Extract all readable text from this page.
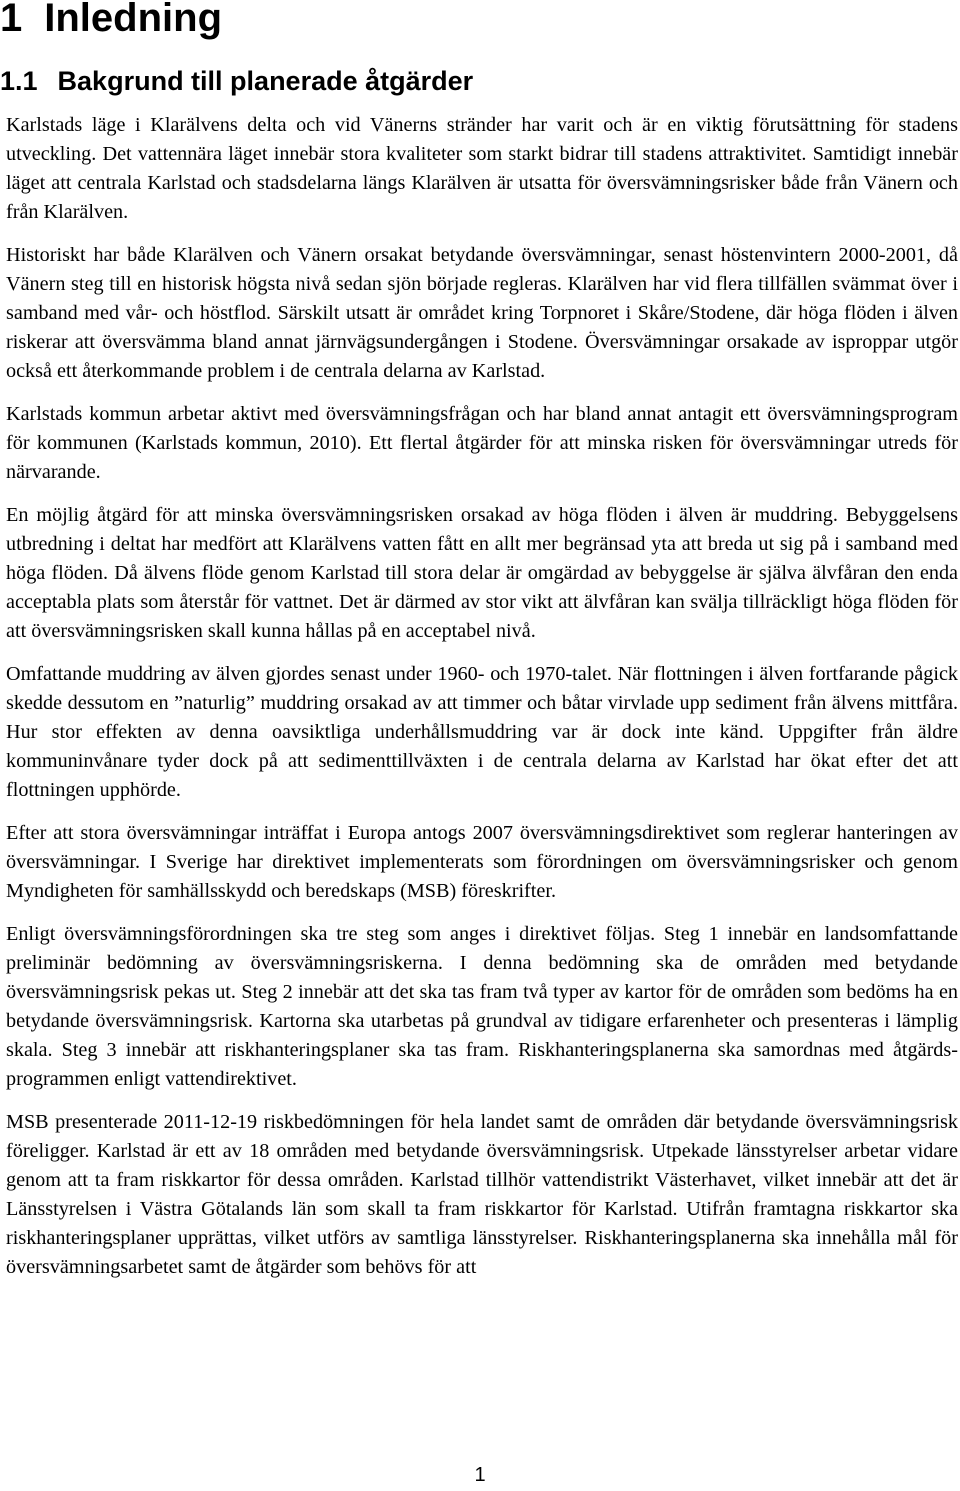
1 Inledning
1.1 Bakgrund till planerade åtgärder

Karlstads läge i Klarälvens delta och vid Vänerns stränder har varit och är en viktig förutsättning för stadens utveckling. Det vattennära läget innebär stora kvaliteter som starkt bidrar till stadens attraktivitet. Samtidigt innebär läget att centrala Karlstad och stadsdelarna längs Klarälven är utsatta för översvämningsrisker både från Vänern och från Klarälven.

Historiskt har både Klarälven och Vänern orsakat betydande översvämningar, senast höstenvintern 2000-2001, då Vänern steg till en historisk högsta nivå sedan sjön började regleras. Klarälven har vid flera tillfällen svämmat över i samband med vår- och höstflod. Särskilt utsatt är området kring Torpnoret i Skåre/Stodene, där höga flöden i älven riskerar att översvämma bland annat järnvägsundergången i Stodene. Översvämningar orsakade av isproppar utgör också ett återkommande problem i de centrala delarna av Karlstad.

Karlstads kommun arbetar aktivt med översvämningsfrågan och har bland annat antagit ett översvämningsprogram för kommunen (Karlstads kommun, 2010). Ett flertal åtgärder för att minska risken för översvämningar utreds för närvarande.

En möjlig åtgärd för att minska översvämningsrisken orsakad av höga flöden i älven är muddring. Bebyggelsens utbredning i deltat har medfört att Klarälvens vatten fått en allt mer begränsad yta att breda ut sig på i samband med höga flöden. Då älvens flöde genom Karlstad till stora delar är omgärdad av bebyggelse är själva älvfåran den enda acceptabla plats som återstår för vattnet. Det är därmed av stor vikt att älvfåran kan svälja tillräckligt höga flöden för att översvämningsrisken skall kunna hållas på en acceptabel nivå.

Omfattande muddring av älven gjordes senast under 1960- och 1970-talet. När flottningen i älven fortfarande pågick skedde dessutom en ”naturlig” muddring orsakad av att timmer och båtar virvlade upp sediment från älvens mittfåra. Hur stor effekten av denna oavsiktliga underhållsmuddring var är dock inte känd. Uppgifter från äldre kommuninvånare tyder dock på att sedimenttillväxten i de centrala delarna av Karlstad har ökat efter det att flottningen upphörde.

Efter att stora översvämningar inträffat i Europa antogs 2007 översvämningsdirektivet som reglerar hanteringen av översvämningar. I Sverige har direktivet implementerats som förordningen om översvämningsrisker och genom Myndigheten för samhällsskydd och beredskaps (MSB) föreskrifter.

Enligt översvämningsförordningen ska tre steg som anges i direktivet följas. Steg 1 innebär en landsomfattande preliminär bedömning av översvämningsriskerna. I denna bedömning ska de områden med betydande översvämningsrisk pekas ut. Steg 2 innebär att det ska tas fram två typer av kartor för de områden som bedöms ha en betydande översvämningsrisk. Kartorna ska utarbetas på grundval av tidigare erfarenheter och presenteras i lämplig skala. Steg 3 innebär att riskhanteringsplaner ska tas fram. Riskhanteringsplanerna ska samordnas med åtgärdsprogrammen enligt vattendirektivet.

MSB presenterade 2011-12-19 riskbedömningen för hela landet samt de områden där betydande översvämningsrisk föreligger. Karlstad är ett av 18 områden med betydande översvämningsrisk. Utpekade länsstyrelser arbetar vidare genom att ta fram riskkartor för dessa områden. Karlstad tillhör vattendistrikt Västerhavet, vilket innebär att det är Länsstyrelsen i Västra Götalands län som skall ta fram riskkartor för Karlstad. Utifrån framtagna riskkartor ska riskhanteringsplaner upprättas, vilket utförs av samtliga länsstyrelser. Riskhanteringsplanerna ska innehålla mål för översvämningsarbetet samt de åtgärder som behövs för att

1
